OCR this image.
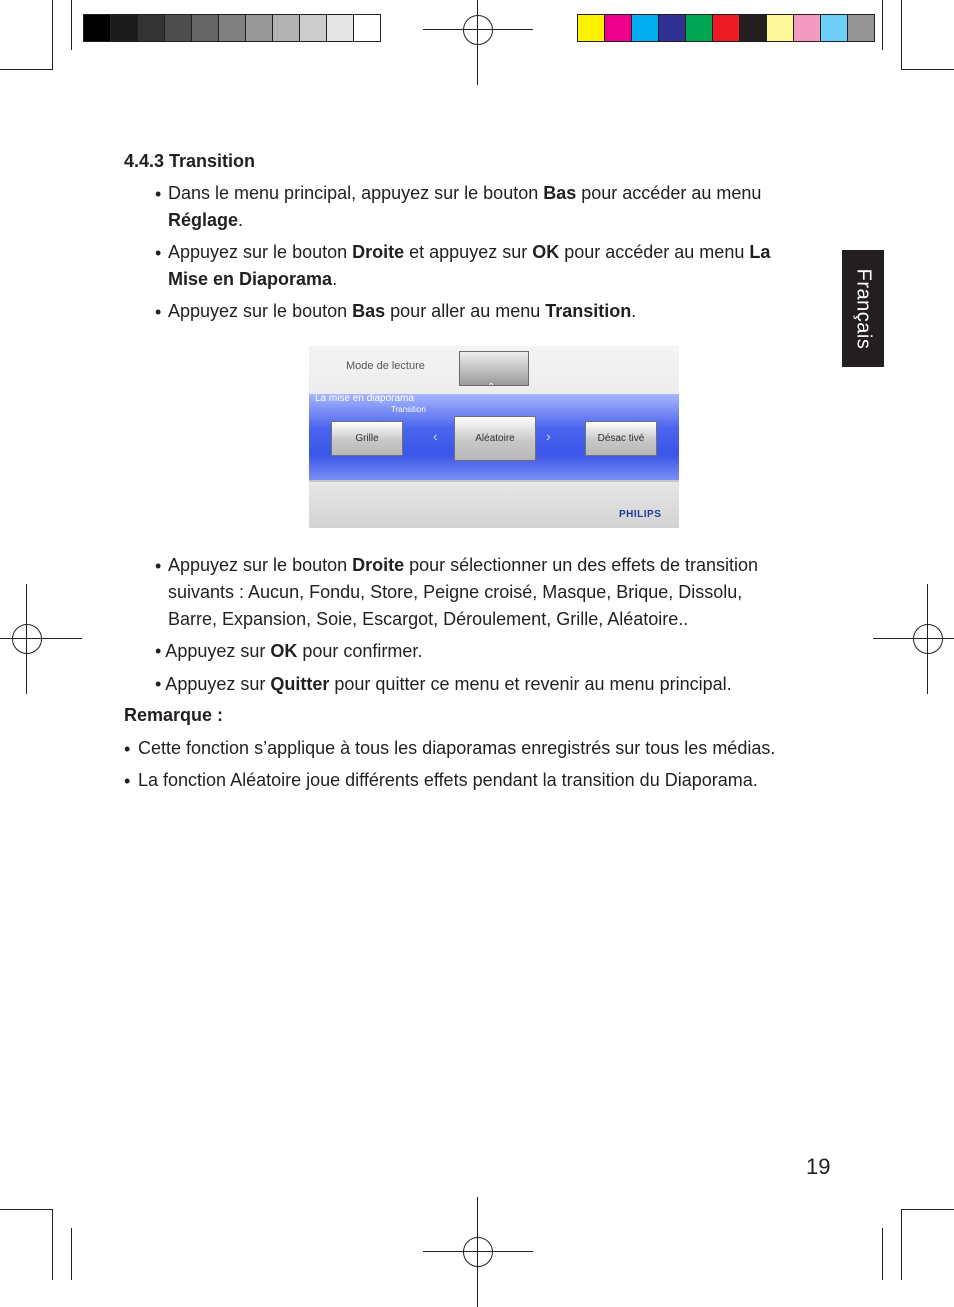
Français
4.4.3 Transition
• Dans le menu principal, appuyez sur le bouton Bas pour accéder au menu
Réglage.
• Appuyez sur le bouton Droite et appuyez sur OK pour accéder au menu La
Mise en Diaporama.
• Appuyez sur le bouton Bas pour aller au menu Transition.
Mode de lecture
⌃
La mise en diaporama
Transition
Grille	‹	Aléatoire	›	Désac tivé
PHILIPS
• Appuyez sur le bouton Droite pour sélectionner un des effets de transition
suivants : Aucun, Fondu, Store, Peigne croisé, Masque, Brique, Dissolu,
Barre, Expansion, Soie, Escargot, Déroulement, Grille, Aléatoire..
• Appuyez sur OK pour confirmer.
• Appuyez sur Quitter pour quitter ce menu et revenir au menu principal.
Remarque :
• Cette fonction s’applique à tous les diaporamas enregistrés sur tous les médias.
• La fonction Aléatoire joue différents effets pendant la transition du Diaporama.
19
